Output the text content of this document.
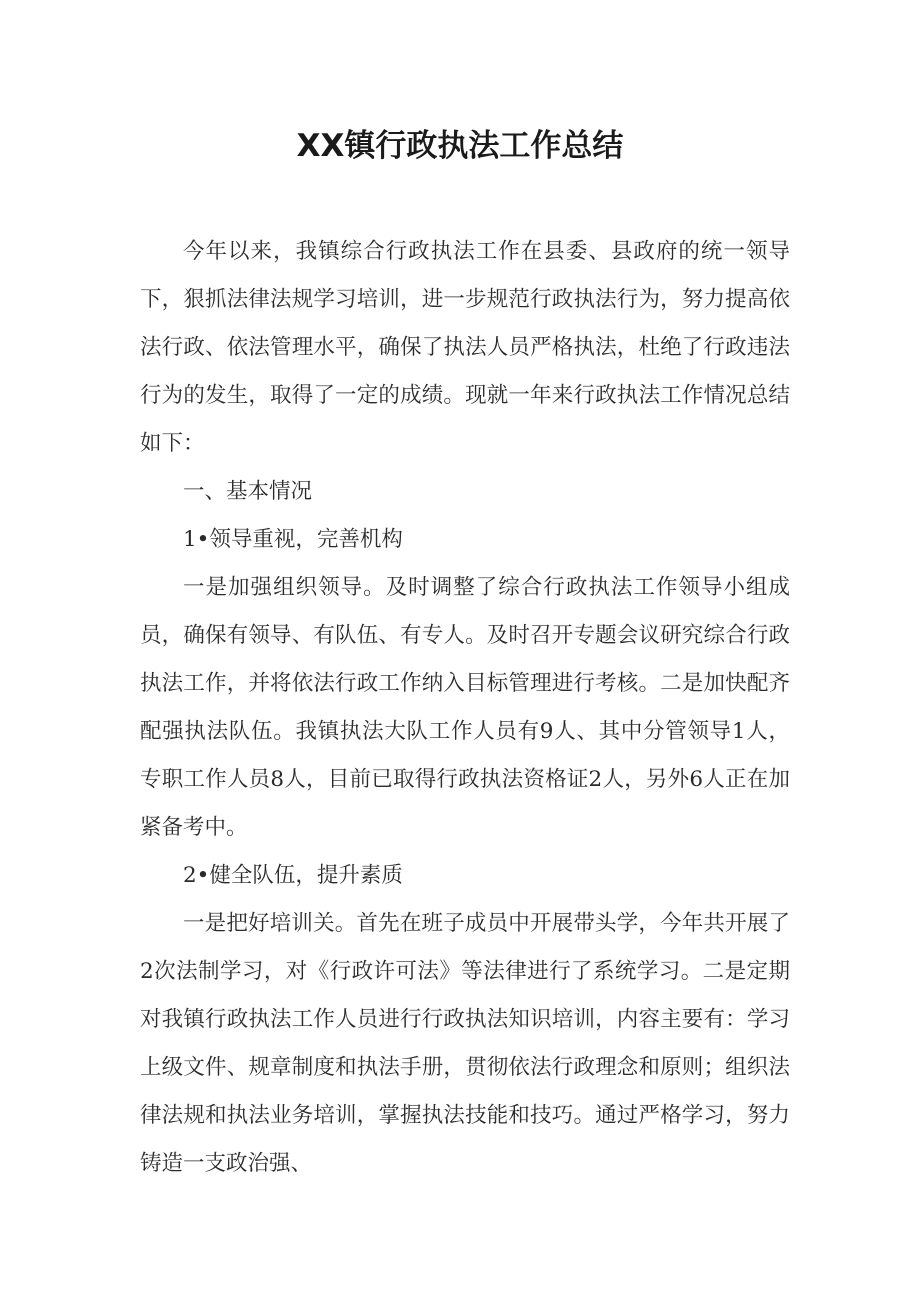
XX镇行政执法工作总结

今年以来，我镇综合行政执法工作在县委、县政府的统一领导下，狠抓法律法规学习培训，进一步规范行政执法行为，努力提高依法行政、依法管理水平，确保了执法人员严格执法，杜绝了行政违法行为的发生，取得了一定的成绩。现就一年来行政执法工作情况总结如下：

一、基本情况

1•领导重视，完善机构

一是加强组织领导。及时调整了综合行政执法工作领导小组成员，确保有领导、有队伍、有专人。及时召开专题会议研究综合行政执法工作，并将依法行政工作纳入目标管理进行考核。二是加快配齐配强执法队伍。我镇执法大队工作人员有9人、其中分管领导1人，专职工作人员8人，目前已取得行政执法资格证2人，另外6人正在加紧备考中。

2•健全队伍，提升素质

一是把好培训关。首先在班子成员中开展带头学，今年共开展了2次法制学习，对《行政许可法》等法律进行了系统学习。二是定期对我镇行政执法工作人员进行行政执法知识培训，内容主要有：学习上级文件、规章制度和执法手册，贯彻依法行政理念和原则；组织法律法规和执法业务培训，掌握执法技能和技巧。通过严格学习，努力铸造一支政治强、
